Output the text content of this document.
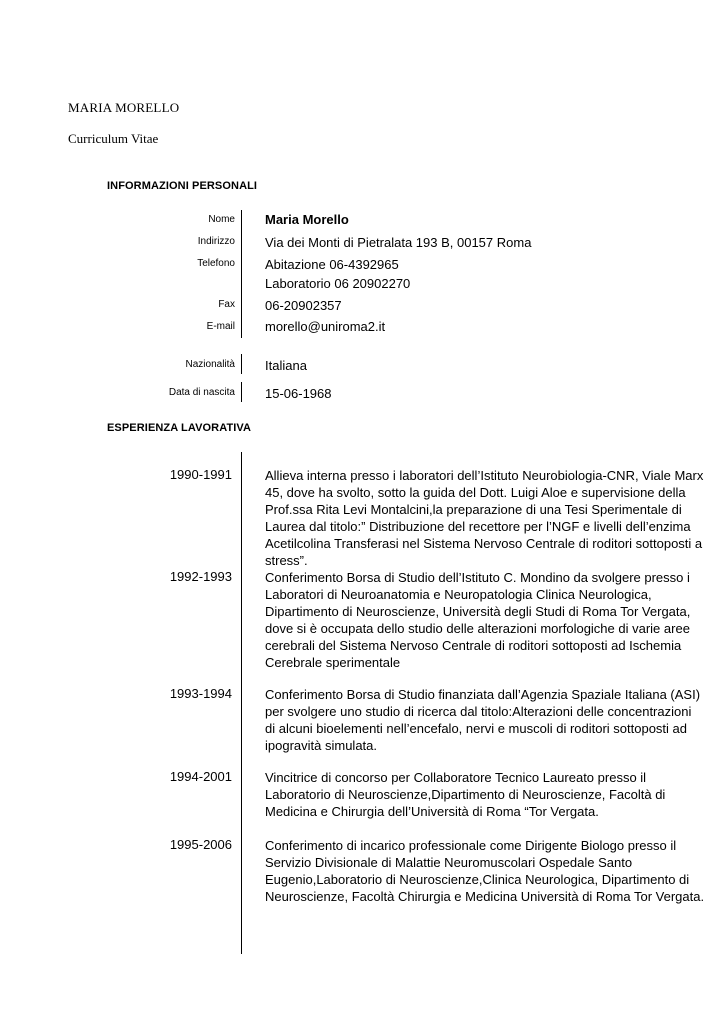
MARIA MORELLO
Curriculum Vitae
INFORMAZIONI PERSONALI
Nome Maria Morello
Indirizzo Via dei Monti di Pietralata 193 B, 00157 Roma
Telefono Abitazione 06-4392965
Laboratorio 06 20902270
Fax 06-20902357
E-mail morello@uniroma2.it
Nazionalità Italiana
Data di nascita 15-06-1968
ESPERIENZA LAVORATIVA
1990-1991	Allieva interna presso i laboratori dell’Istituto Neurobiologia-CNR, Viale Marx 45, dove ha svolto, sotto la guida del Dott. Luigi Aloe e supervisione della Prof.ssa Rita Levi Montalcini,la preparazione di una Tesi Sperimentale di Laurea dal titolo:” Distribuzione del recettore per l’NGF e livelli dell’enzima Acetilcolina Transferasi nel Sistema Nervoso Centrale di roditori sottoposti a stress”.
1992-1993	Conferimento Borsa di Studio dell’Istituto C. Mondino da svolgere presso i Laboratori di Neuroanatomia e Neuropatologia Clinica Neurologica, Dipartimento di Neuroscienze, Università degli Studi di Roma Tor Vergata, dove si è occupata dello studio delle alterazioni morfologiche di varie aree cerebrali del Sistema Nervoso Centrale di roditori sottoposti ad Ischemia Cerebrale sperimentale
1993-1994	Conferimento Borsa di Studio finanziata dall’Agenzia Spaziale Italiana (ASI) per svolgere uno studio di ricerca dal titolo:Alterazioni delle concentrazioni di alcuni bioelementi nell’encefalo, nervi e muscoli di roditori sottoposti ad ipogravità simulata.
1994-2001	Vincitrice di concorso per Collaboratore Tecnico Laureato presso il Laboratorio di Neuroscienze,Dipartimento di Neuroscienze, Facoltà di Medicina e Chirurgia dell’Università di Roma “Tor Vergata.
1995-2006	Conferimento di incarico professionale come Dirigente Biologo presso il Servizio Divisionale di Malattie Neuromuscolari Ospedale Santo Eugenio,Laboratorio di Neuroscienze,Clinica Neurologica, Dipartimento di Neuroscienze, Facoltà Chirurgia e Medicina Università di Roma Tor Vergata.
